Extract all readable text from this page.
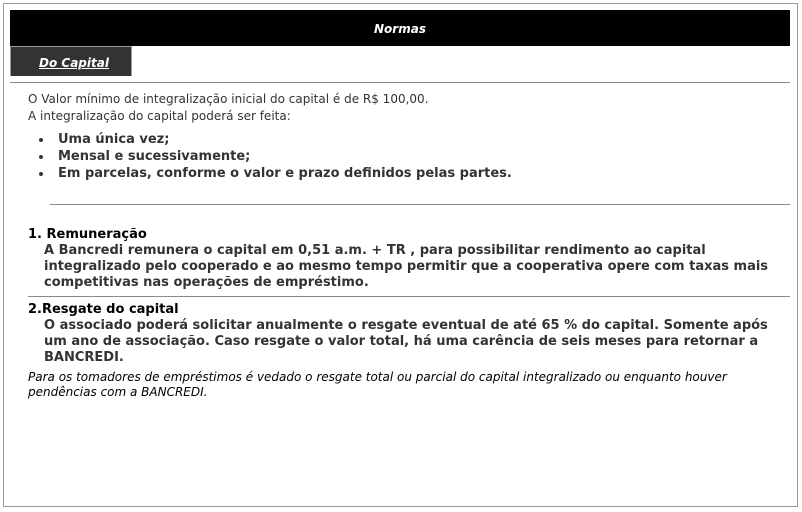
Normas
Do Capital
O Valor mínimo de integralização inicial do capital é de R$ 100,00.
A integralização do capital poderá ser feita:
Uma única vez;
Mensal e sucessivamente;
Em parcelas, conforme o valor e prazo definidos pelas partes.
1. Remuneração
A Bancredi remunera o capital em 0,51 a.m. + TR , para possibilitar rendimento ao capital
integralizado pelo cooperado e ao mesmo tempo permitir que a cooperativa opere com taxas mais
competitivas nas operações de empréstimo.
2.Resgate do capital
O associado poderá solicitar anualmente o resgate eventual de até 65 % do capital. Somente após
um ano de associação. Caso resgate o valor total, há uma carência de seis meses para retornar a
BANCREDI.
Para os tomadores de empréstimos é vedado o resgate total ou parcial do capital integralizado ou enquanto houver
pendências com a BANCREDI.
